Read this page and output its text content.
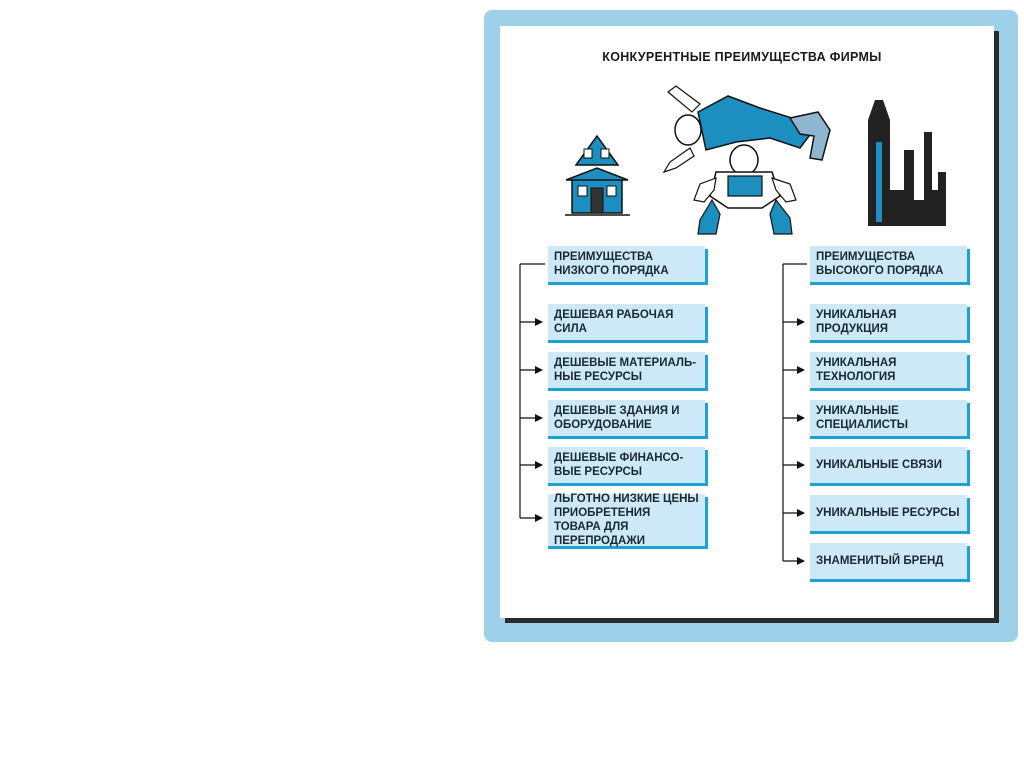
КОНКУРЕНТНЫЕ ПРЕИМУЩЕСТВА ФИРМЫ
ПРЕИМУЩЕСТВА НИЗКОГО ПОРЯДКА
ДЕШЕВАЯ РАБОЧАЯ СИЛА
ДЕШЕВЫЕ МАТЕРИАЛЬ-НЫЕ РЕСУРСЫ
ДЕШЕВЫЕ ЗДАНИЯ И ОБОРУДОВАНИЕ
ДЕШЕВЫЕ ФИНАНСО-ВЫЕ РЕСУРСЫ
ЛЬГОТНО НИЗКИЕ ЦЕНЫ ПРИОБРЕТЕНИЯ ТОВАРА ДЛЯ ПЕРЕПРОДАЖИ
ПРЕИМУЩЕСТВА ВЫСОКОГО ПОРЯДКА
УНИКАЛЬНАЯ ПРОДУКЦИЯ
УНИКАЛЬНАЯ ТЕХНОЛОГИЯ
УНИКАЛЬНЫЕ СПЕЦИАЛИСТЫ
УНИКАЛЬНЫЕ СВЯЗИ
УНИКАЛЬНЫЕ РЕСУРСЫ
ЗНАМЕНИТЫЙ БРЕНД
